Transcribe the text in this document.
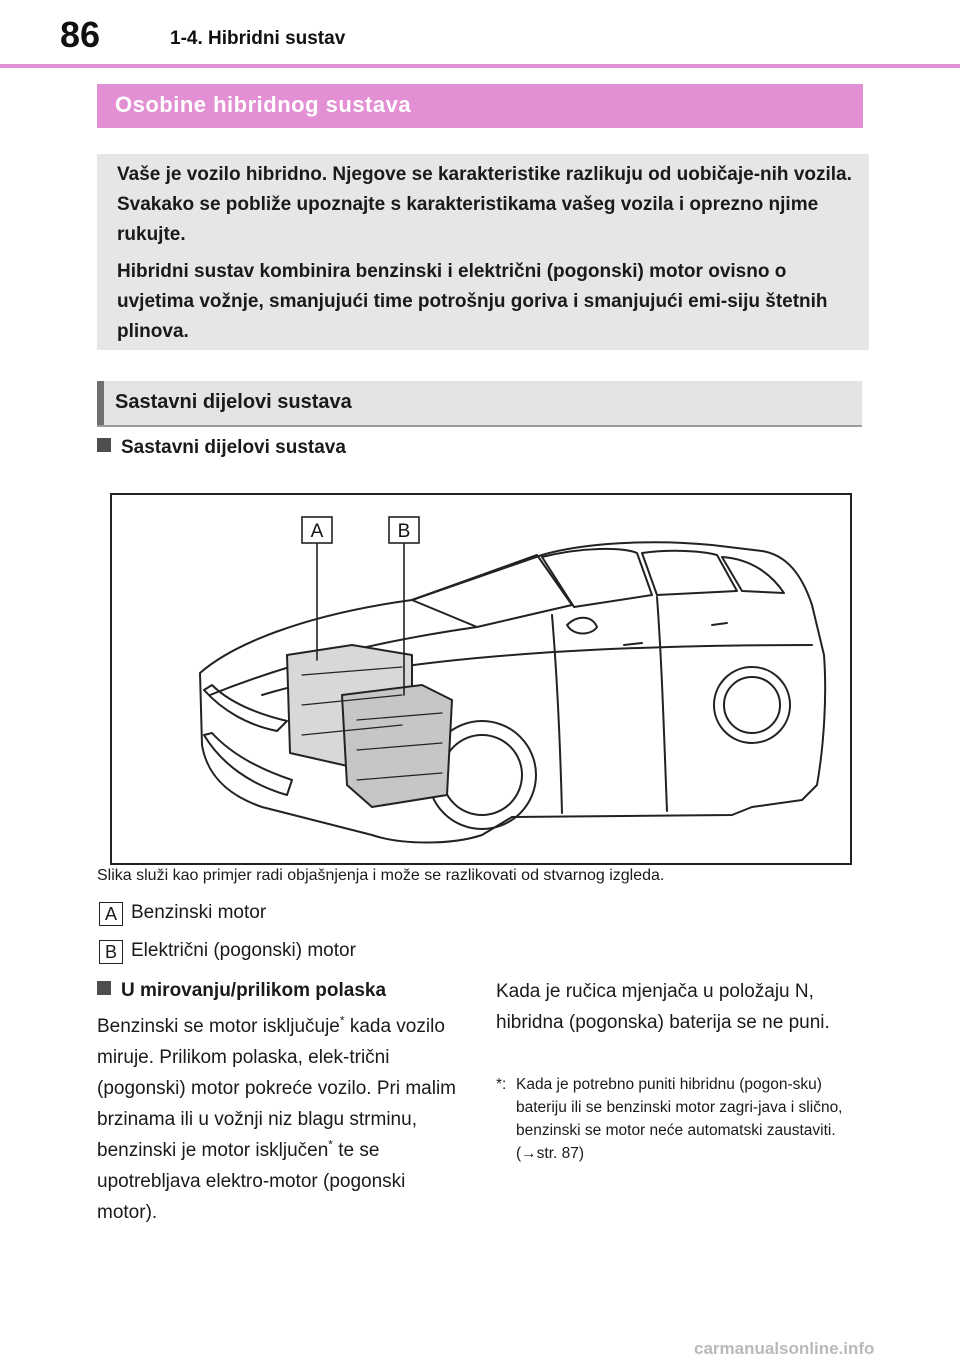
86	1-4. Hibridni sustav
Osobine hibridnog sustava

Vaše je vozilo hibridno. Njegove se karakteristike razlikuju od uobičaje-nih vozila. Svakako se pobliže upoznajte s karakteristikama vašeg vozila i oprezno njime rukujte.

Hibridni sustav kombinira benzinski i električni (pogonski) motor ovisno o uvjetima vožnje, smanjujući time potrošnju goriva i smanjujući emi-siju štetnih plinova.

Sastavni dijelovi sustava
Sastavni dijelovi sustava
A	B
Slika služi kao primjer radi objašnjenja i može se razlikovati od stvarnog izgleda.
A Benzinski motor
B Električni (pogonski) motor
U mirovanju/prilikom polaska

Benzinski se motor isključuje* kada vozilo miruje. Prilikom polaska, elek-trični (pogonski) motor pokreće vozilo. Pri malim brzinama ili u vožnji niz blagu strminu, benzinski je motor isključen* te se upotrebljava elektro-motor (pogonski motor).

Kada je ručica mjenjača u položaju N, hibridna (pogonska) baterija se ne puni.

*: Kada je potrebno puniti hibridnu (pogon-sku) bateriju ili se benzinski motor zagri-java i slično, benzinski se motor neće automatski zaustaviti. (→str. 87)
carmanualsonline.info
